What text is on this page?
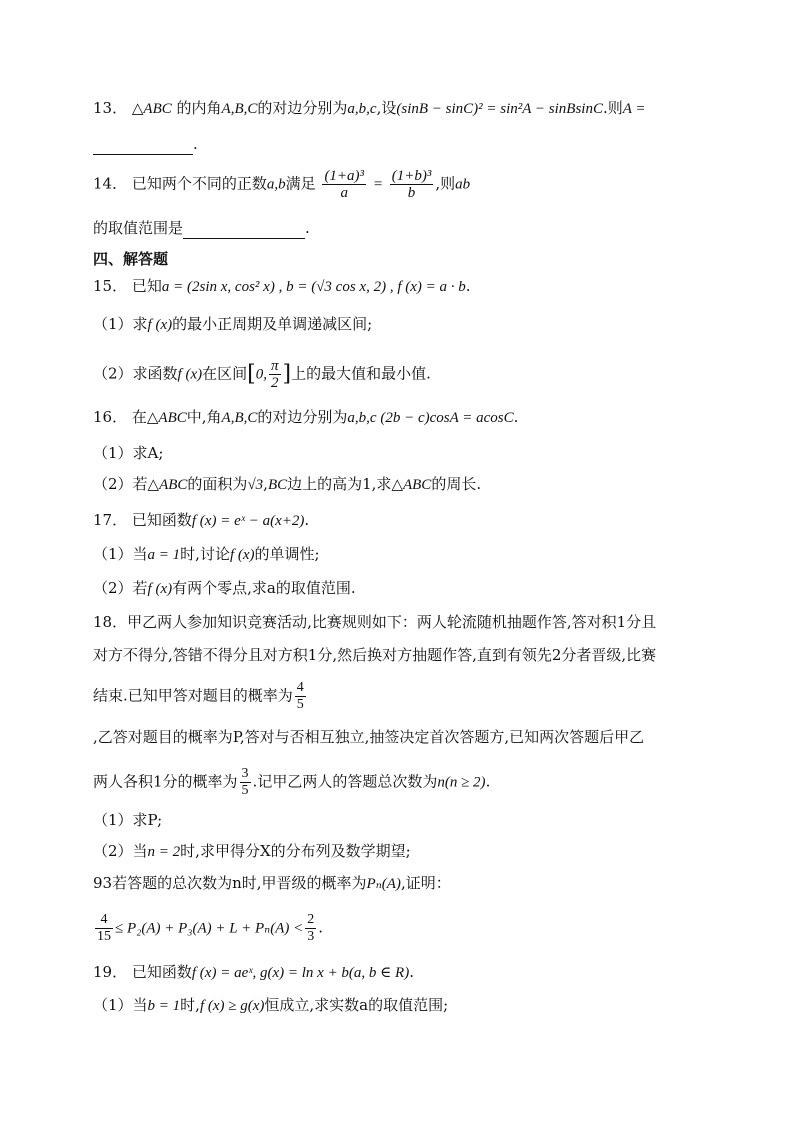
13． △ABC 的内角A,B,C的对边分别为a,b,c,设(sinB − sinC)² = sin²A − sinBsinC.则A =
.
14． 已知两个不同的正数a,b满足 $\frac{\text{(1+a)³}}{a} = \frac{\text{(1+b)³}}{b}$ ,则ab
的取值范围是	.
四、解答题
15． 已知a = (2sin x, cos² x) , b = (√3 cos x, 2) , f (x) = a · b.
（1）求f (x)的最小正周期及单调递减区间;
（2）求函数f (x)在区间[0, $\frac{\pi}{2}$ ]上的最大值和最小值.
16． 在△ABC中,角A,B,C的对边分别为a,b,c (2b − c)cosA = acosC.
（1）求A;
（2）若△ABC的面积为√3,BC边上的高为1,求△ABC的周长.
17． 已知函数f (x) = eˣ − a(x+2).
（1）当a = 1时,讨论f (x)的单调性;
（2）若f (x)有两个零点,求a的取值范围.
18．甲乙两人参加知识竞赛活动,比赛规则如下：两人轮流随机抽题作答,答对积1分且
对方不得分,答错不得分且对方积1分,然后换对方抽题作答,直到有领先2分者晋级,比赛
结束.已知甲答对题目的概率为 $\frac{4}{5}$
,乙答对题目的概率为P,答对与否相互独立,抽签决定首次答题方,已知两次答题后甲乙
两人各积1分的概率为 $\frac{3}{5}$ .记甲乙两人的答题总次数为n(n ≥ 2).
（1）求P;
（2）当n = 2时,求甲得分X的分布列及数学期望;
93若答题的总次数为n时,甲晋级的概率为Pₙ(A),证明：
$\frac{4}{15} \le P_2(A) + P_3(A) + L + P_n(A) < \frac{2}{3}$ .
19． 已知函数f (x) = aeˣ, g(x) = ln x + b(a, b ∈ R).
（1）当b = 1时,f (x) ≥ g(x)恒成立,求实数a的取值范围;
